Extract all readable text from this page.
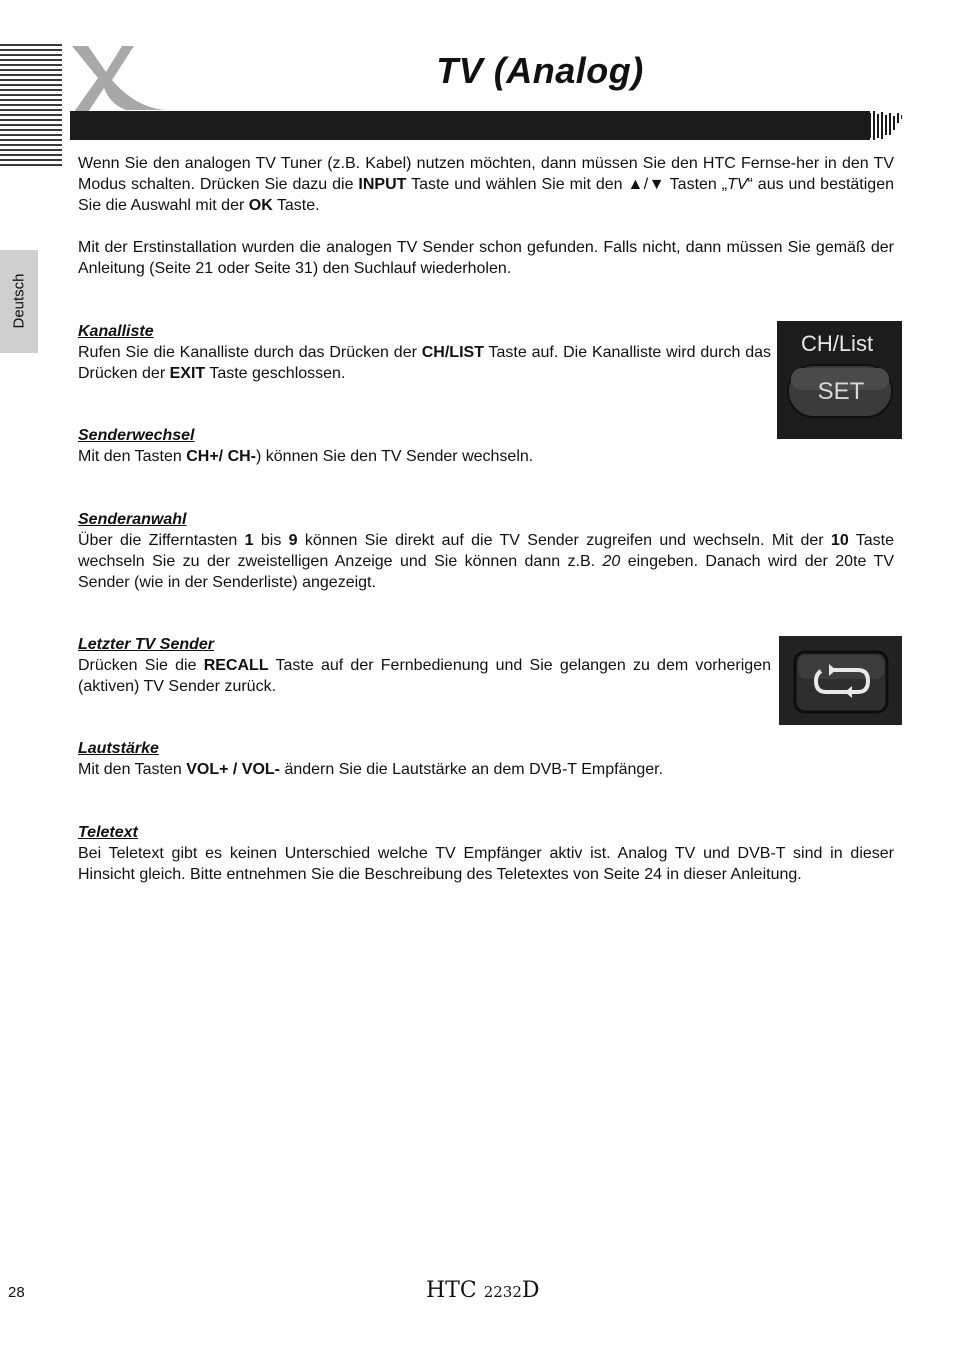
TV (Analog)
Deutsch

Wenn Sie den analogen TV Tuner (z.B. Kabel) nutzen möchten, dann müssen Sie den HTC Fernse-her in den TV Modus schalten. Drücken Sie dazu die INPUT Taste und wählen Sie mit den ▲/▼ Tasten „TV“ aus und bestätigen Sie die Auswahl mit der OK Taste.

Mit der Erstinstallation wurden die analogen TV Sender schon gefunden. Falls nicht, dann müssen Sie gemäß der Anleitung (Seite 21 oder Seite 31) den Suchlauf wiederholen.

Kanalliste

Rufen Sie die Kanalliste durch das Drücken der CH/LIST Taste auf. Die Kanalliste wird durch das Drücken der EXIT Taste geschlossen.

CH/List
SET
Senderwechsel

Mit den Tasten CH+/ CH-) können Sie den TV Sender wechseln.

Senderanwahl

Über die Zifferntasten 1 bis 9 können Sie direkt auf die TV Sender zugreifen und wechseln. Mit der 10 Taste wechseln Sie zu der zweistelligen Anzeige und Sie können dann z.B. 20 eingeben. Danach wird der 20te TV Sender (wie in der Senderliste) angezeigt.

Letzter TV Sender

Drücken Sie die RECALL Taste auf der Fernbedienung und Sie gelangen zu dem vorherigen (aktiven) TV Sender zurück.

Lautstärke

Mit den Tasten VOL+ / VOL- ändern Sie die Lautstärke an dem DVB-T Empfänger.

Teletext

Bei Teletext gibt es keinen Unterschied welche TV Empfänger aktiv ist. Analog TV und DVB-T sind in dieser Hinsicht gleich. Bitte entnehmen Sie die Beschreibung des Teletextes von Seite 24 in dieser Anleitung.

28	HTC 2232D
